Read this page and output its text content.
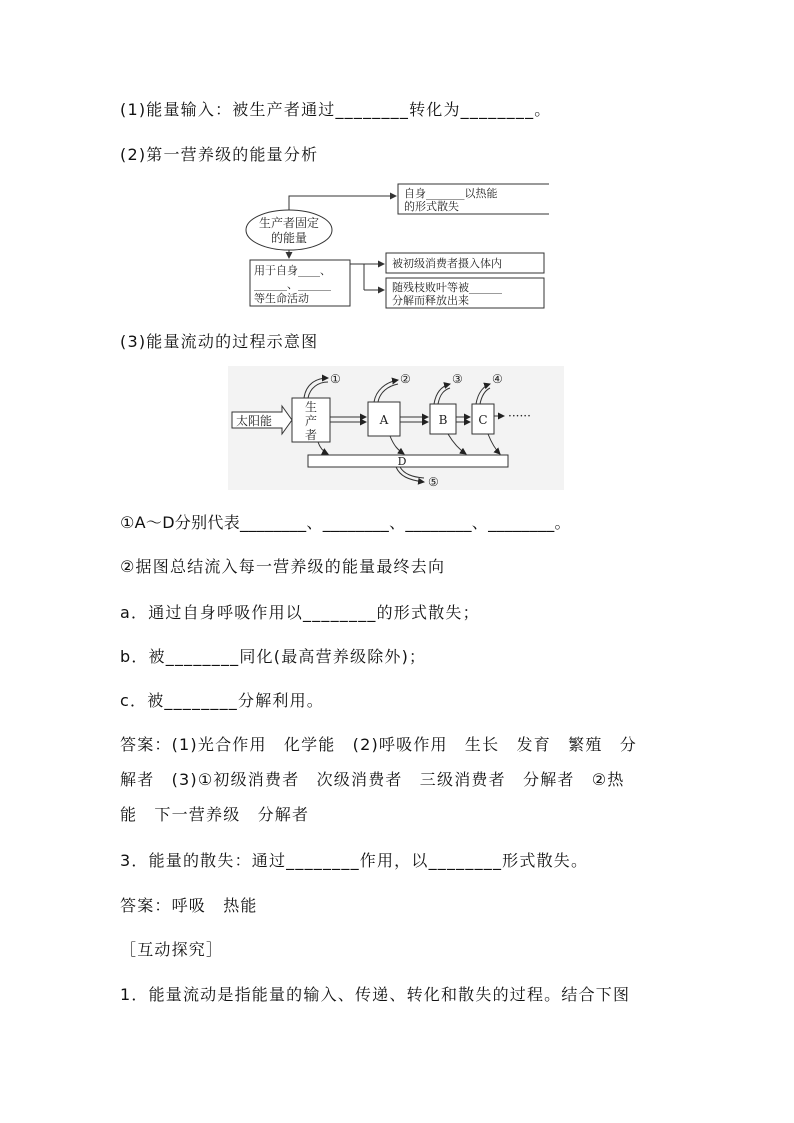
(1)能量输入：被生产者通过________转化为________。
(2)第一营养级的能量分析
生产者固定
的能量
自身_______以热能
的形式散失
用于自身____、
______、______
等生命活动
被初级消费者摄入体内
随残枝败叶等被______
分解而释放出来
(3)能量流动的过程示意图
太阳能
生
产
者
A	B	C ······
①	②	③ ④
D
⑤
①A～D分别代表________、________、________、________。
②据图总结流入每一营养级的能量最终去向
a．通过自身呼吸作用以________的形式散失；
b．被________同化(最高营养级除外)；
c．被________分解利用。
答案：(1)光合作用　化学能　(2)呼吸作用　生长　发育　繁殖　分
解者　(3)①初级消费者　次级消费者　三级消费者　分解者　②热
能　下一营养级　分解者
3．能量的散失：通过________作用，以________形式散失。
答案：呼吸　热能
［互动探究］
1．能量流动是指能量的输入、传递、转化和散失的过程。结合下图
